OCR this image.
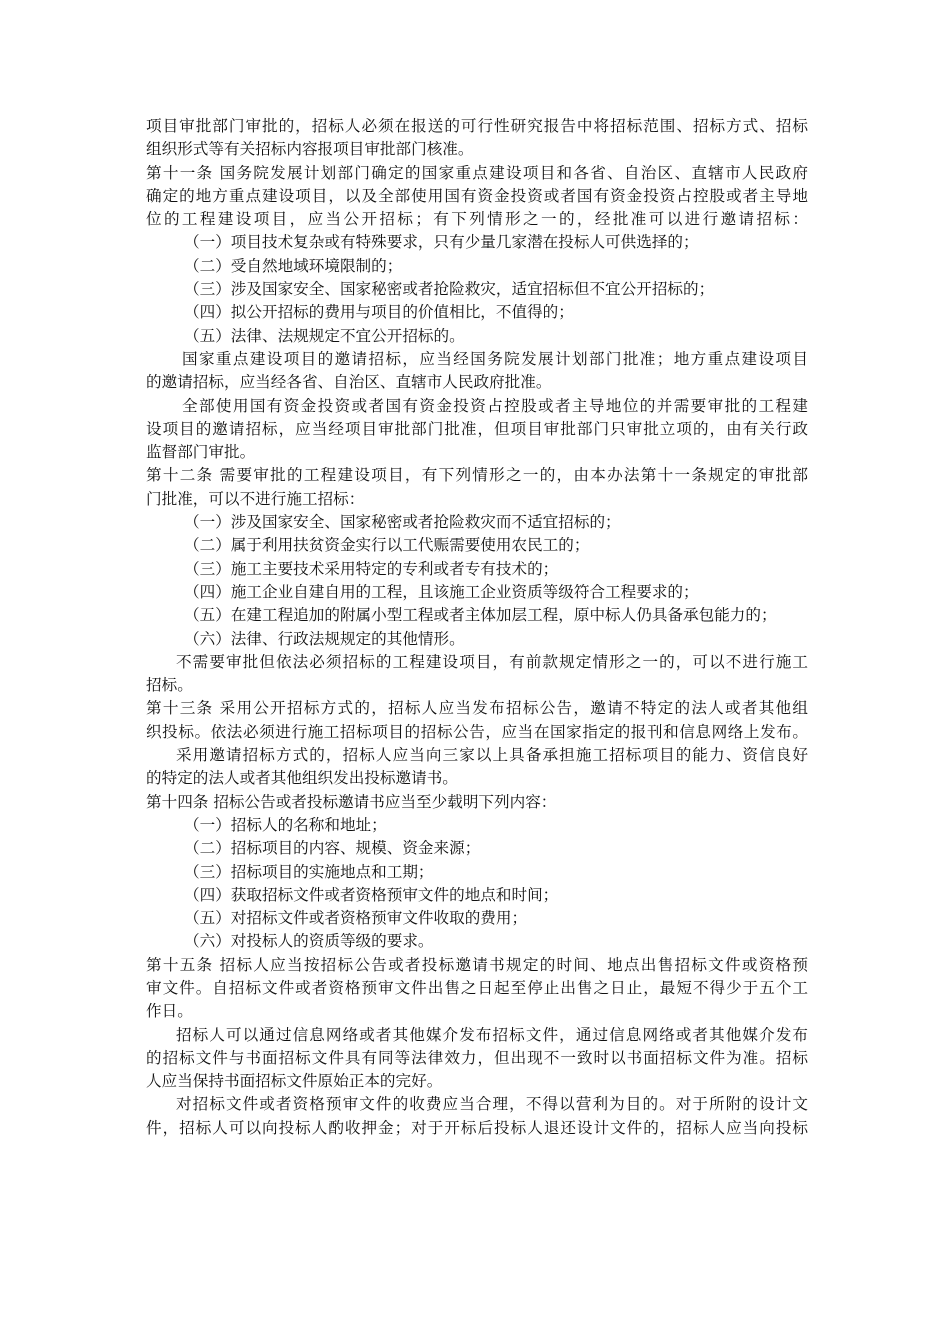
项目审批部门审批的，招标人必须在报送的可行性研究报告中将招标范围、招标方式、招标
组织形式等有关招标内容报项目审批部门核准。

第十一条 国务院发展计划部门确定的国家重点建设项目和各省、自治区、直辖市人民政府
确定的地方重点建设项目，以及全部使用国有资金投资或者国有资金投资占控股或者主导地
位的工程建设项目，应当公开招标；有下列情形之一的，经批准可以进行邀请招标：

（一）项目技术复杂或有特殊要求，只有少量几家潜在投标人可供选择的；

（二）受自然地域环境限制的；

（三）涉及国家安全、国家秘密或者抢险救灾，适宜招标但不宜公开招标的；

（四）拟公开招标的费用与项目的价值相比，不值得的；

（五）法律、法规规定不宜公开招标的。

国家重点建设项目的邀请招标，应当经国务院发展计划部门批准；地方重点建设项目
的邀请招标，应当经各省、自治区、直辖市人民政府批准。

全部使用国有资金投资或者国有资金投资占控股或者主导地位的并需要审批的工程建
设项目的邀请招标，应当经项目审批部门批准，但项目审批部门只审批立项的，由有关行政
监督部门审批。

第十二条 需要审批的工程建设项目，有下列情形之一的，由本办法第十一条规定的审批部
门批准，可以不进行施工招标：

（一）涉及国家安全、国家秘密或者抢险救灾而不适宜招标的；

（二）属于利用扶贫资金实行以工代赈需要使用农民工的；

（三）施工主要技术采用特定的专利或者专有技术的；

（四）施工企业自建自用的工程，且该施工企业资质等级符合工程要求的；

（五）在建工程追加的附属小型工程或者主体加层工程，原中标人仍具备承包能力的；

（六）法律、行政法规规定的其他情形。

不需要审批但依法必须招标的工程建设项目，有前款规定情形之一的，可以不进行施工
招标。

第十三条 采用公开招标方式的，招标人应当发布招标公告，邀请不特定的法人或者其他组
织投标。依法必须进行施工招标项目的招标公告，应当在国家指定的报刊和信息网络上发布。

采用邀请招标方式的，招标人应当向三家以上具备承担施工招标项目的能力、资信良好
的特定的法人或者其他组织发出投标邀请书。

第十四条 招标公告或者投标邀请书应当至少载明下列内容：

（一）招标人的名称和地址；

（二）招标项目的内容、规模、资金来源；

（三）招标项目的实施地点和工期；

（四）获取招标文件或者资格预审文件的地点和时间；

（五）对招标文件或者资格预审文件收取的费用；

（六）对投标人的资质等级的要求。

第十五条 招标人应当按招标公告或者投标邀请书规定的时间、地点出售招标文件或资格预
审文件。自招标文件或者资格预审文件出售之日起至停止出售之日止，最短不得少于五个工
作日。

招标人可以通过信息网络或者其他媒介发布招标文件，通过信息网络或者其他媒介发布
的招标文件与书面招标文件具有同等法律效力，但出现不一致时以书面招标文件为准。招标
人应当保持书面招标文件原始正本的完好。

对招标文件或者资格预审文件的收费应当合理，不得以营利为目的。对于所附的设计文
件，招标人可以向投标人酌收押金；对于开标后投标人退还设计文件的，招标人应当向投标
